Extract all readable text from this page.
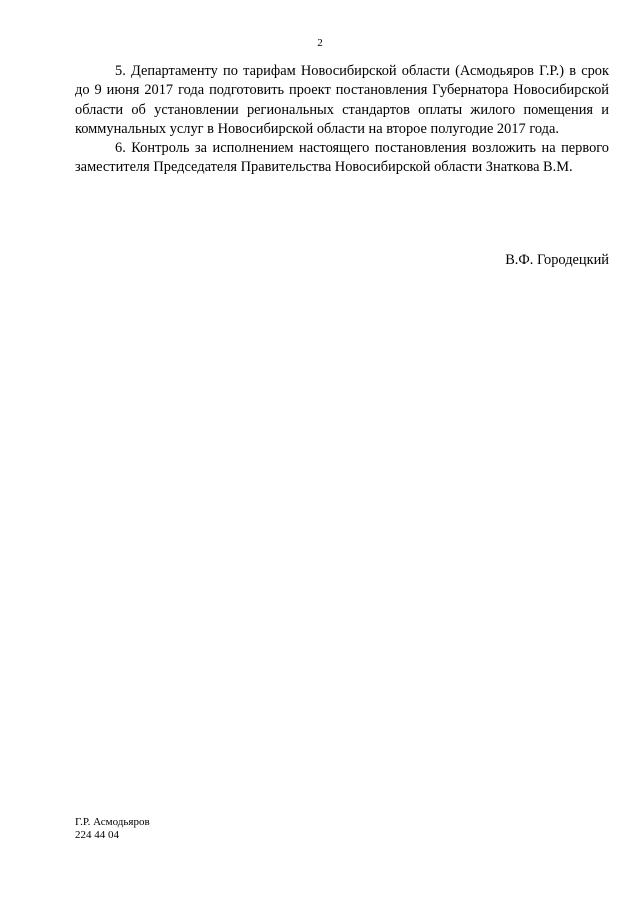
2

5. Департаменту по тарифам Новосибирской области (Асмодьяров Г.Р.) в срок до 9 июня 2017 года подготовить проект постановления Губернатора Новосибирской области об установлении региональных стандартов оплаты жилого помещения и коммунальных услуг в Новосибирской области на второе полугодие 2017 года.

6. Контроль за исполнением настоящего постановления возложить на первого заместителя Председателя Правительства Новосибирской области Знаткова В.М.

В.Ф. Городецкий
Г.Р. Асмодьяров
224 44 04
